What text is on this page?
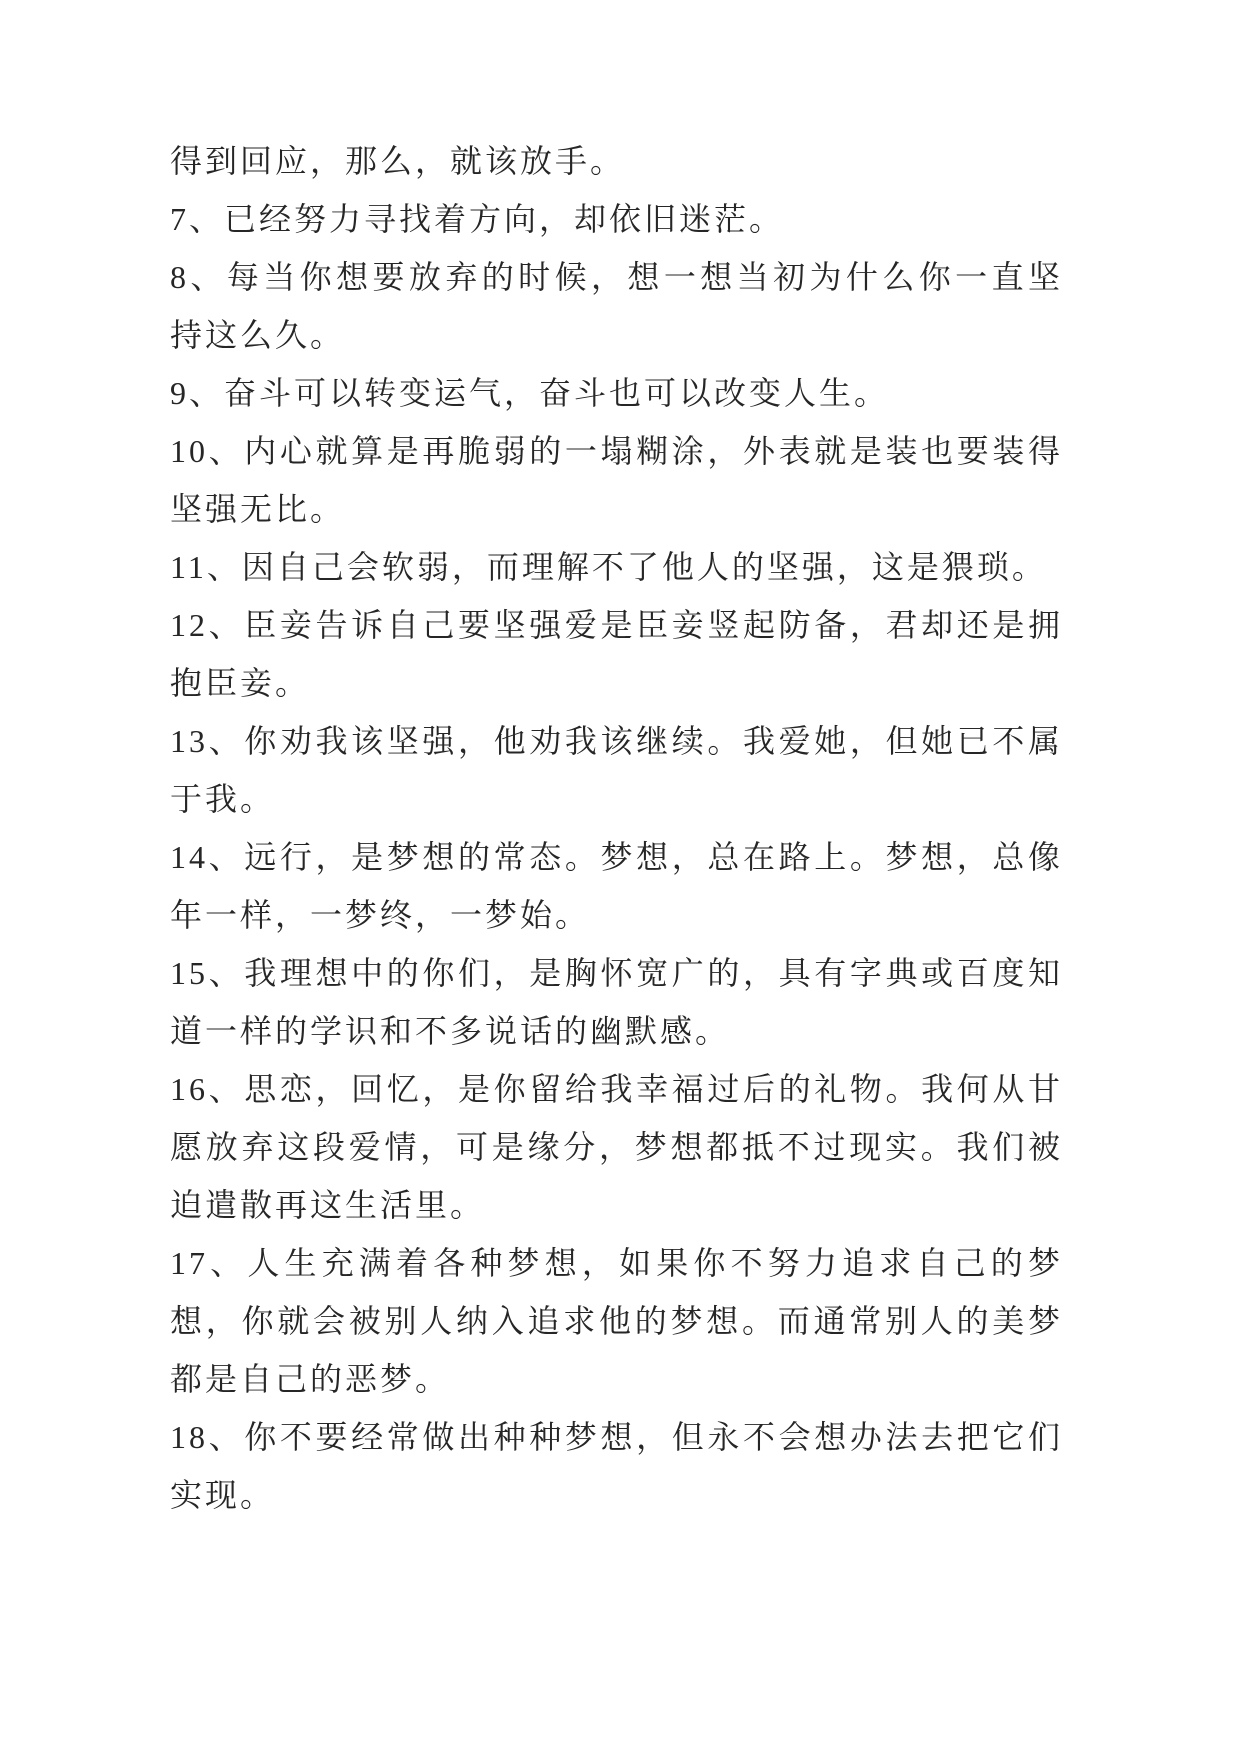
得到回应，那么，就该放手。

7、已经努力寻找着方向，却依旧迷茫。

8、每当你想要放弃的时候，想一想当初为什么你一直坚持这么久。

9、奋斗可以转变运气，奋斗也可以改变人生。

10、内心就算是再脆弱的一塌糊涂，外表就是装也要装得坚强无比。

11、因自己会软弱，而理解不了他人的坚强，这是猥琐。

12、臣妾告诉自己要坚强爱是臣妾竖起防备，君却还是拥抱臣妾。

13、你劝我该坚强，他劝我该继续。我爱她，但她已不属于我。

14、远行，是梦想的常态。梦想，总在路上。梦想，总像年一样，一梦终，一梦始。

15、我理想中的你们，是胸怀宽广的，具有字典或百度知道一样的学识和不多说话的幽默感。

16、思恋，回忆，是你留给我幸福过后的礼物。我何从甘愿放弃这段爱情，可是缘分，梦想都抵不过现实。我们被迫遣散再这生活里。

17、人生充满着各种梦想，如果你不努力追求自己的梦想，你就会被别人纳入追求他的梦想。而通常别人的美梦都是自己的恶梦。

18、你不要经常做出种种梦想，但永不会想办法去把它们实现。
